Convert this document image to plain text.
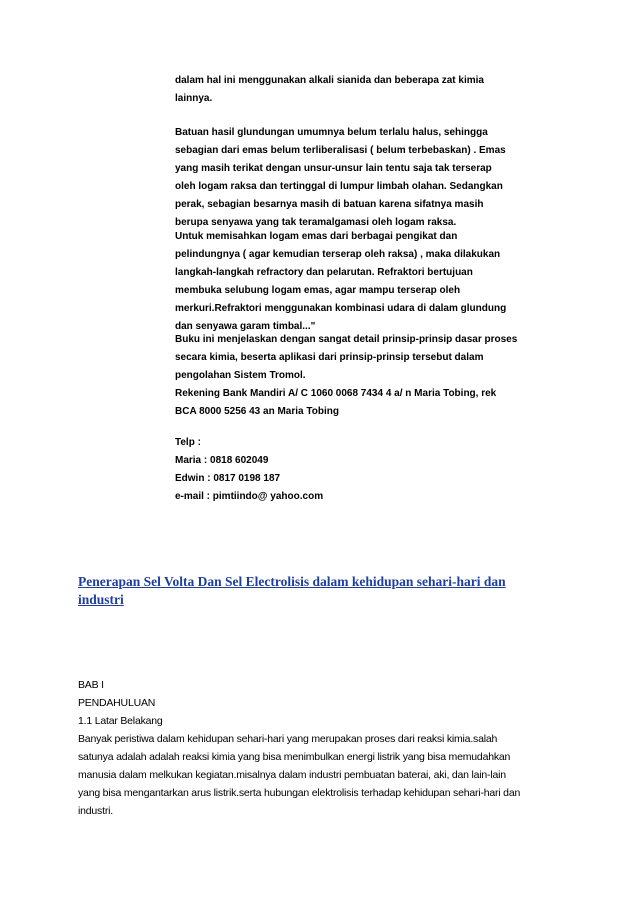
dalam hal ini menggunakan alkali sianida dan beberapa zat kimia

lainnya.

Batuan hasil glundungan umumnya belum terlalu halus, sehingga

sebagian dari emas belum terliberalisasi ( belum terbebaskan) . Emas

yang masih terikat dengan unsur-unsur lain tentu saja tak terserap

oleh logam raksa dan tertinggal di lumpur limbah olahan. Sedangkan

perak, sebagian besarnya masih di batuan karena sifatnya masih

berupa senyawa yang tak teramalgamasi oleh logam raksa.

Untuk memisahkan logam emas dari berbagai pengikat dan

pelindungnya ( agar kemudian terserap oleh raksa) , maka dilakukan

langkah-langkah refractory dan pelarutan. Refraktori bertujuan

membuka selubung logam emas, agar mampu terserap oleh

merkuri.Refraktori menggunakan kombinasi udara di dalam glundung

dan senyawa garam timbal..."

Buku ini menjelaskan dengan sangat detail prinsip-prinsip dasar proses

secara kimia, beserta aplikasi dari prinsip-prinsip tersebut dalam

pengolahan Sistem Tromol.

Rekening Bank Mandiri A/ C 1060 0068 7434 4 a/ n Maria Tobing, rek

BCA 8000 5256 43 an Maria Tobing

Telp :

Maria : 0818 602049

Edwin : 0817 0198 187

e-mail : pimtiindo@ yahoo.com

Penerapan Sel Volta Dan Sel Electrolisis dalam kehidupan sehari-hari dan
industri

BAB I

PENDAHULUAN

1.1 Latar Belakang

Banyak peristiwa dalam kehidupan sehari-hari yang merupakan proses dari reaksi kimia.salah

satunya adalah adalah reaksi kimia yang bisa menimbulkan energi listrik yang bisa memudahkan

manusia dalam melkukan kegiatan.misalnya dalam industri pembuatan baterai, aki, dan lain-lain

yang bisa mengantarkan arus listrik.serta hubungan elektrolisis terhadap kehidupan sehari-hari dan

industri.
